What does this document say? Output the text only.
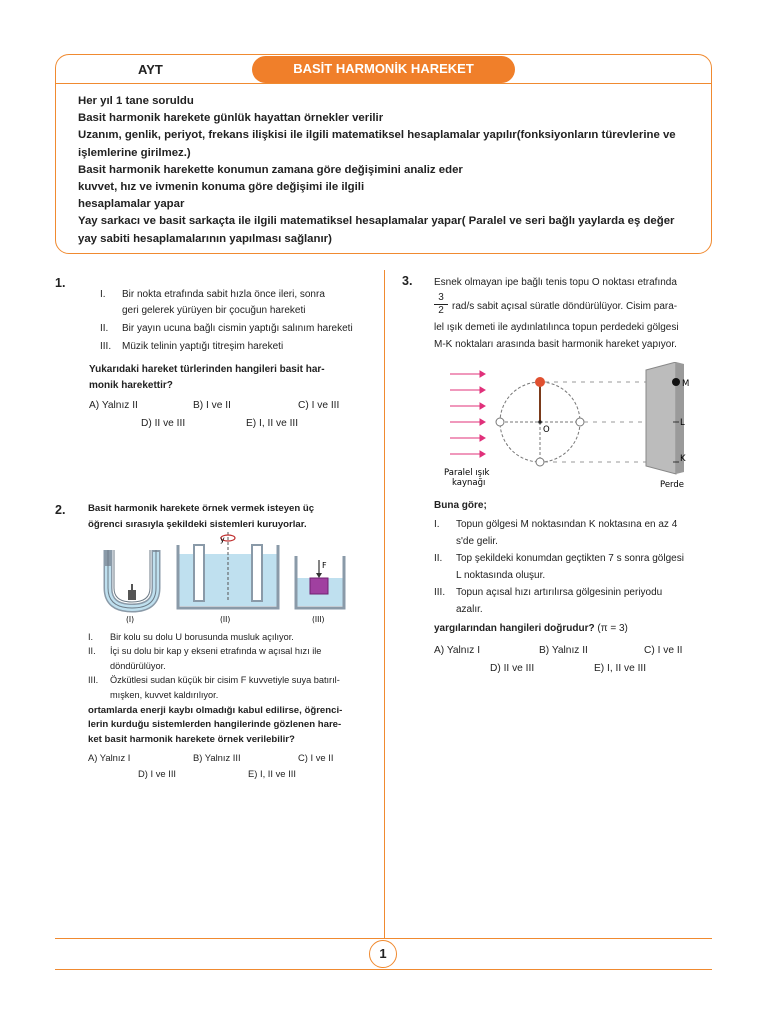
AYT	BASİT HARMONİK HAREKET
Her yıl 1 tane soruldu
Basit harmonik harekete günlük hayattan örnekler verilir
Uzanım, genlik, periyot, frekans ilişkisi ile ilgili matematiksel hesaplamalar yapılır(fonksiyonların türevlerine ve
işlemlerine girilmez.)
Basit harmonik harekette konumun zamana göre değişimini analiz eder
kuvvet, hız ve ivmenin konuma göre değişimi ile ilgili
hesaplamalar yapar
Yay sarkacı ve basit sarkaçta ile ilgili matematiksel hesaplamalar yapar( Paralel ve seri bağlı yaylarda eş değer
yay sabiti hesaplamalarının yapılması sağlanır)
1.
I. Bir nokta etrafında sabit hızla önce ileri, sonra
geri gelerek yürüyen bir çocuğun hareketi
II. Bir yayın ucuna bağlı cismin yaptığı salınım hareketi
III. Müzik telinin yaptığı titreşim hareketi
Yukarıdaki hareket türlerinden hangileri basit har-
monik harekettir?
A) Yalnız II	B) I ve II	C) I ve III
D) II ve III	E) I, II ve III
2. Basit harmonik harekete örnek vermek isteyen üç
öğrenci sırasıyla şekildeki sistemleri kuruyorlar.
y
F
(I)	(II)	(III)
I. Bir kolu su dolu U borusunda musluk açılıyor.
II. İçi su dolu bir kap y ekseni etrafında w açısal hızı ile
döndürülüyor.
III. Özkütlesi sudan küçük bir cisim F kuvvetiyle suya batırıl-
mışken, kuvvet kaldırılıyor.
ortamlarda enerji kaybı olmadığı kabul edilirse, öğrenci-
lerin kurduğu sistemlerden hangilerinde gözlenen hare-
ket basit harmonik harekete örnek verilebilir?
A) Yalnız I	B) Yalnız III	C) I ve II
D) I ve III	E) I, II ve III
3. Esnek olmayan ipe bağlı tenis topu O noktası etrafında
3
2 rad/s sabit açısal süratle döndürülüyor. Cisim para-
lel ışık demeti ile aydınlatılınca topun perdedeki gölgesi
M-K noktaları arasında basit harmonik hareket yapıyor.
Paralel ışık
kaynağı
O
M
L
K
Perde
Buna göre;
I. Topun gölgesi M noktasından K noktasına en az 4
s'de gelir.
II. Top şekildeki konumdan geçtikten 7 s sonra gölgesi
L noktasında oluşur.
III. Topun açısal hızı artırılırsa gölgesinin periyodu
azalır.
yargılarından hangileri doğrudur? (π = 3)
A) Yalnız I	B) Yalnız II	C) I ve II
D) II ve III	E) I, II ve III
1
